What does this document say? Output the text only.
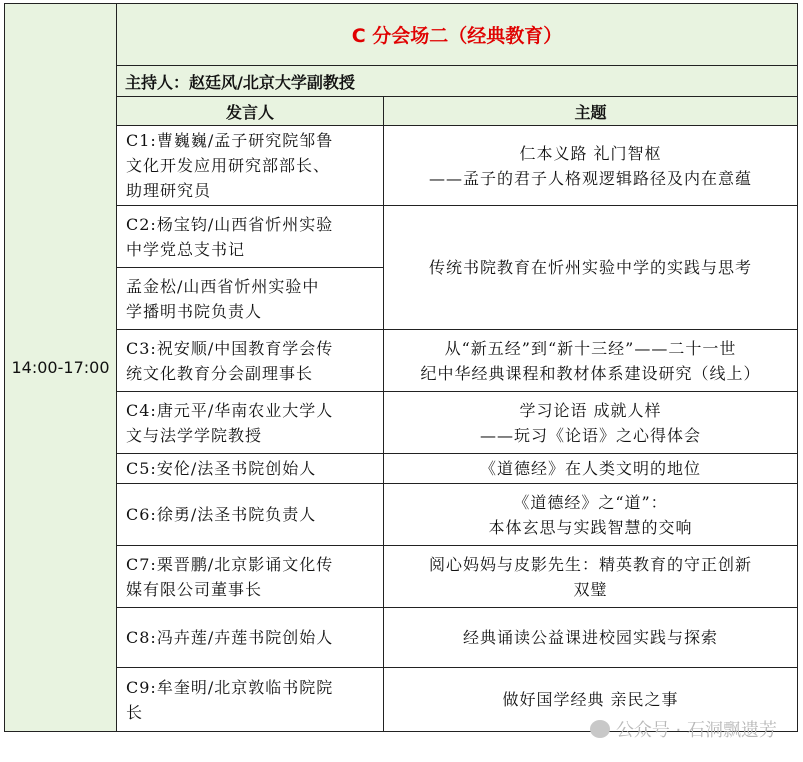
14:00-17:00	C 分会场二（经典教育）	
	主持人：赵廷风/北京大学副教授	
	发言人	主题

	C1:曹巍巍/孟子研究院邹鲁
文化开发应用研究部部长、
助理研究员	仁本义路 礼门智枢
——孟子的君子人格观逻辑路径及内在意蕴

	C2:杨宝钧/山西省忻州实验
中学党总支书记	传统书院教育在忻州实验中学的实践与思考

	孟金松/山西省忻州实验中
学播明书院负责人	

	C3:祝安顺/中国教育学会传
统文化教育分会副理事长	从“新五经”到“新十三经”——二十一世
纪中华经典课程和教材体系建设研究（线上）

	C4:唐元平/华南农业大学人
文与法学学院教授	学习论语 成就人样
——玩习《论语》之心得体会

	C5:安伦/法圣书院创始人	《道德经》在人类文明的地位

	C6:徐勇/法圣书院负责人	《道德经》之“道”：
本体玄思与实践智慧的交响

	C7:栗晋鹏/北京影诵文化传
媒有限公司董事长	阅心妈妈与皮影先生：精英教育的守正创新
双璧

	C8:冯卉莲/卉莲书院创始人	经典诵读公益课进校园实践与探索

	C9:牟奎明/北京敦临书院院
长	做好国学经典 亲民之事
公众号 · 石洞飘遗芳
